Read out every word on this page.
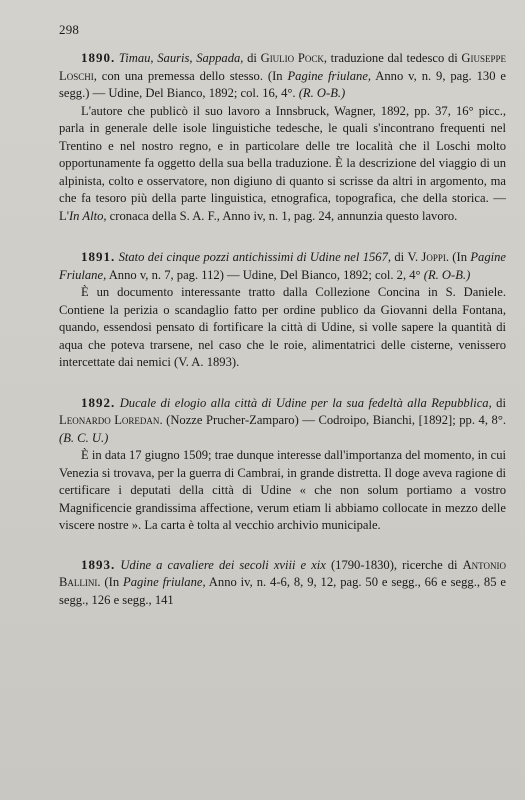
298

1890. Timau, Sauris, Sappada, di Giulio Pock, traduzione dal tedesco di Giuseppe Loschi, con una premessa dello stesso. (In Pagine friulane, Anno v, n. 9, pag. 130 e segg.) — Udine, Del Bianco, 1892; col. 16, 4°. (R. O-B.)

L'autore che publicò il suo lavoro a Innsbruck, Wagner, 1892, pp. 37, 16° picc., parla in generale delle isole linguistiche tedesche, le quali s'incontrano frequenti nel Trentino e nel nostro regno, e in particolare delle tre località che il Loschi molto opportunamente fa oggetto della sua bella traduzione. È la descrizione del viaggio di un alpinista, colto e osservatore, non digiuno di quanto si scrisse da altri in argomento, ma che fa tesoro più della parte linguistica, etnografica, topografica, che della storica. — L'In Alto, cronaca della S. A. F., Anno iv, n. 1, pag. 24, annunzia questo lavoro.

1891. Stato dei cinque pozzi antichissimi di Udine nel 1567, di V. Joppi. (In Pagine Friulane, Anno v, n. 7, pag. 112) — Udine, Del Bianco, 1892; col. 2, 4° (R. O-B.)

È un documento interessante tratto dalla Collezione Concina in S. Daniele. Contiene la perizia o scandaglio fatto per ordine publico da Giovanni della Fontana, quando, essendosi pensato di fortificare la città di Udine, si volle sapere la quantità di aqua che poteva trarsene, nel caso che le roie, alimentatrici delle cisterne, venissero intercettate dai nemici (V. A. 1893).

1892. Ducale di elogio alla città di Udine per la sua fedeltà alla Repubblica, di Leonardo Loredan. (Nozze Prucher-Zamparo) — Codroipo, Bianchi, [1892]; pp. 4, 8°. (B. C. U.)

È in data 17 giugno 1509; trae dunque interesse dall'importanza del momento, in cui Venezia si trovava, per la guerra di Cambrai, in grande distretta. Il doge aveva ragione di certificare i deputati della città di Udine « che non solum portiamo a vostro Magnificencie grandissima affectione, verum etiam li abbiamo collocate in mezzo delle viscere nostre ». La carta è tolta al vecchio archivio municipale.

1893. Udine a cavaliere dei secoli xviii e xix (1790-1830), ricerche di Antonio Ballini. (In Pagine friulane, Anno iv, n. 4-6, 8, 9, 12, pag. 50 e segg., 66 e segg., 85 e segg., 126 e segg., 141
